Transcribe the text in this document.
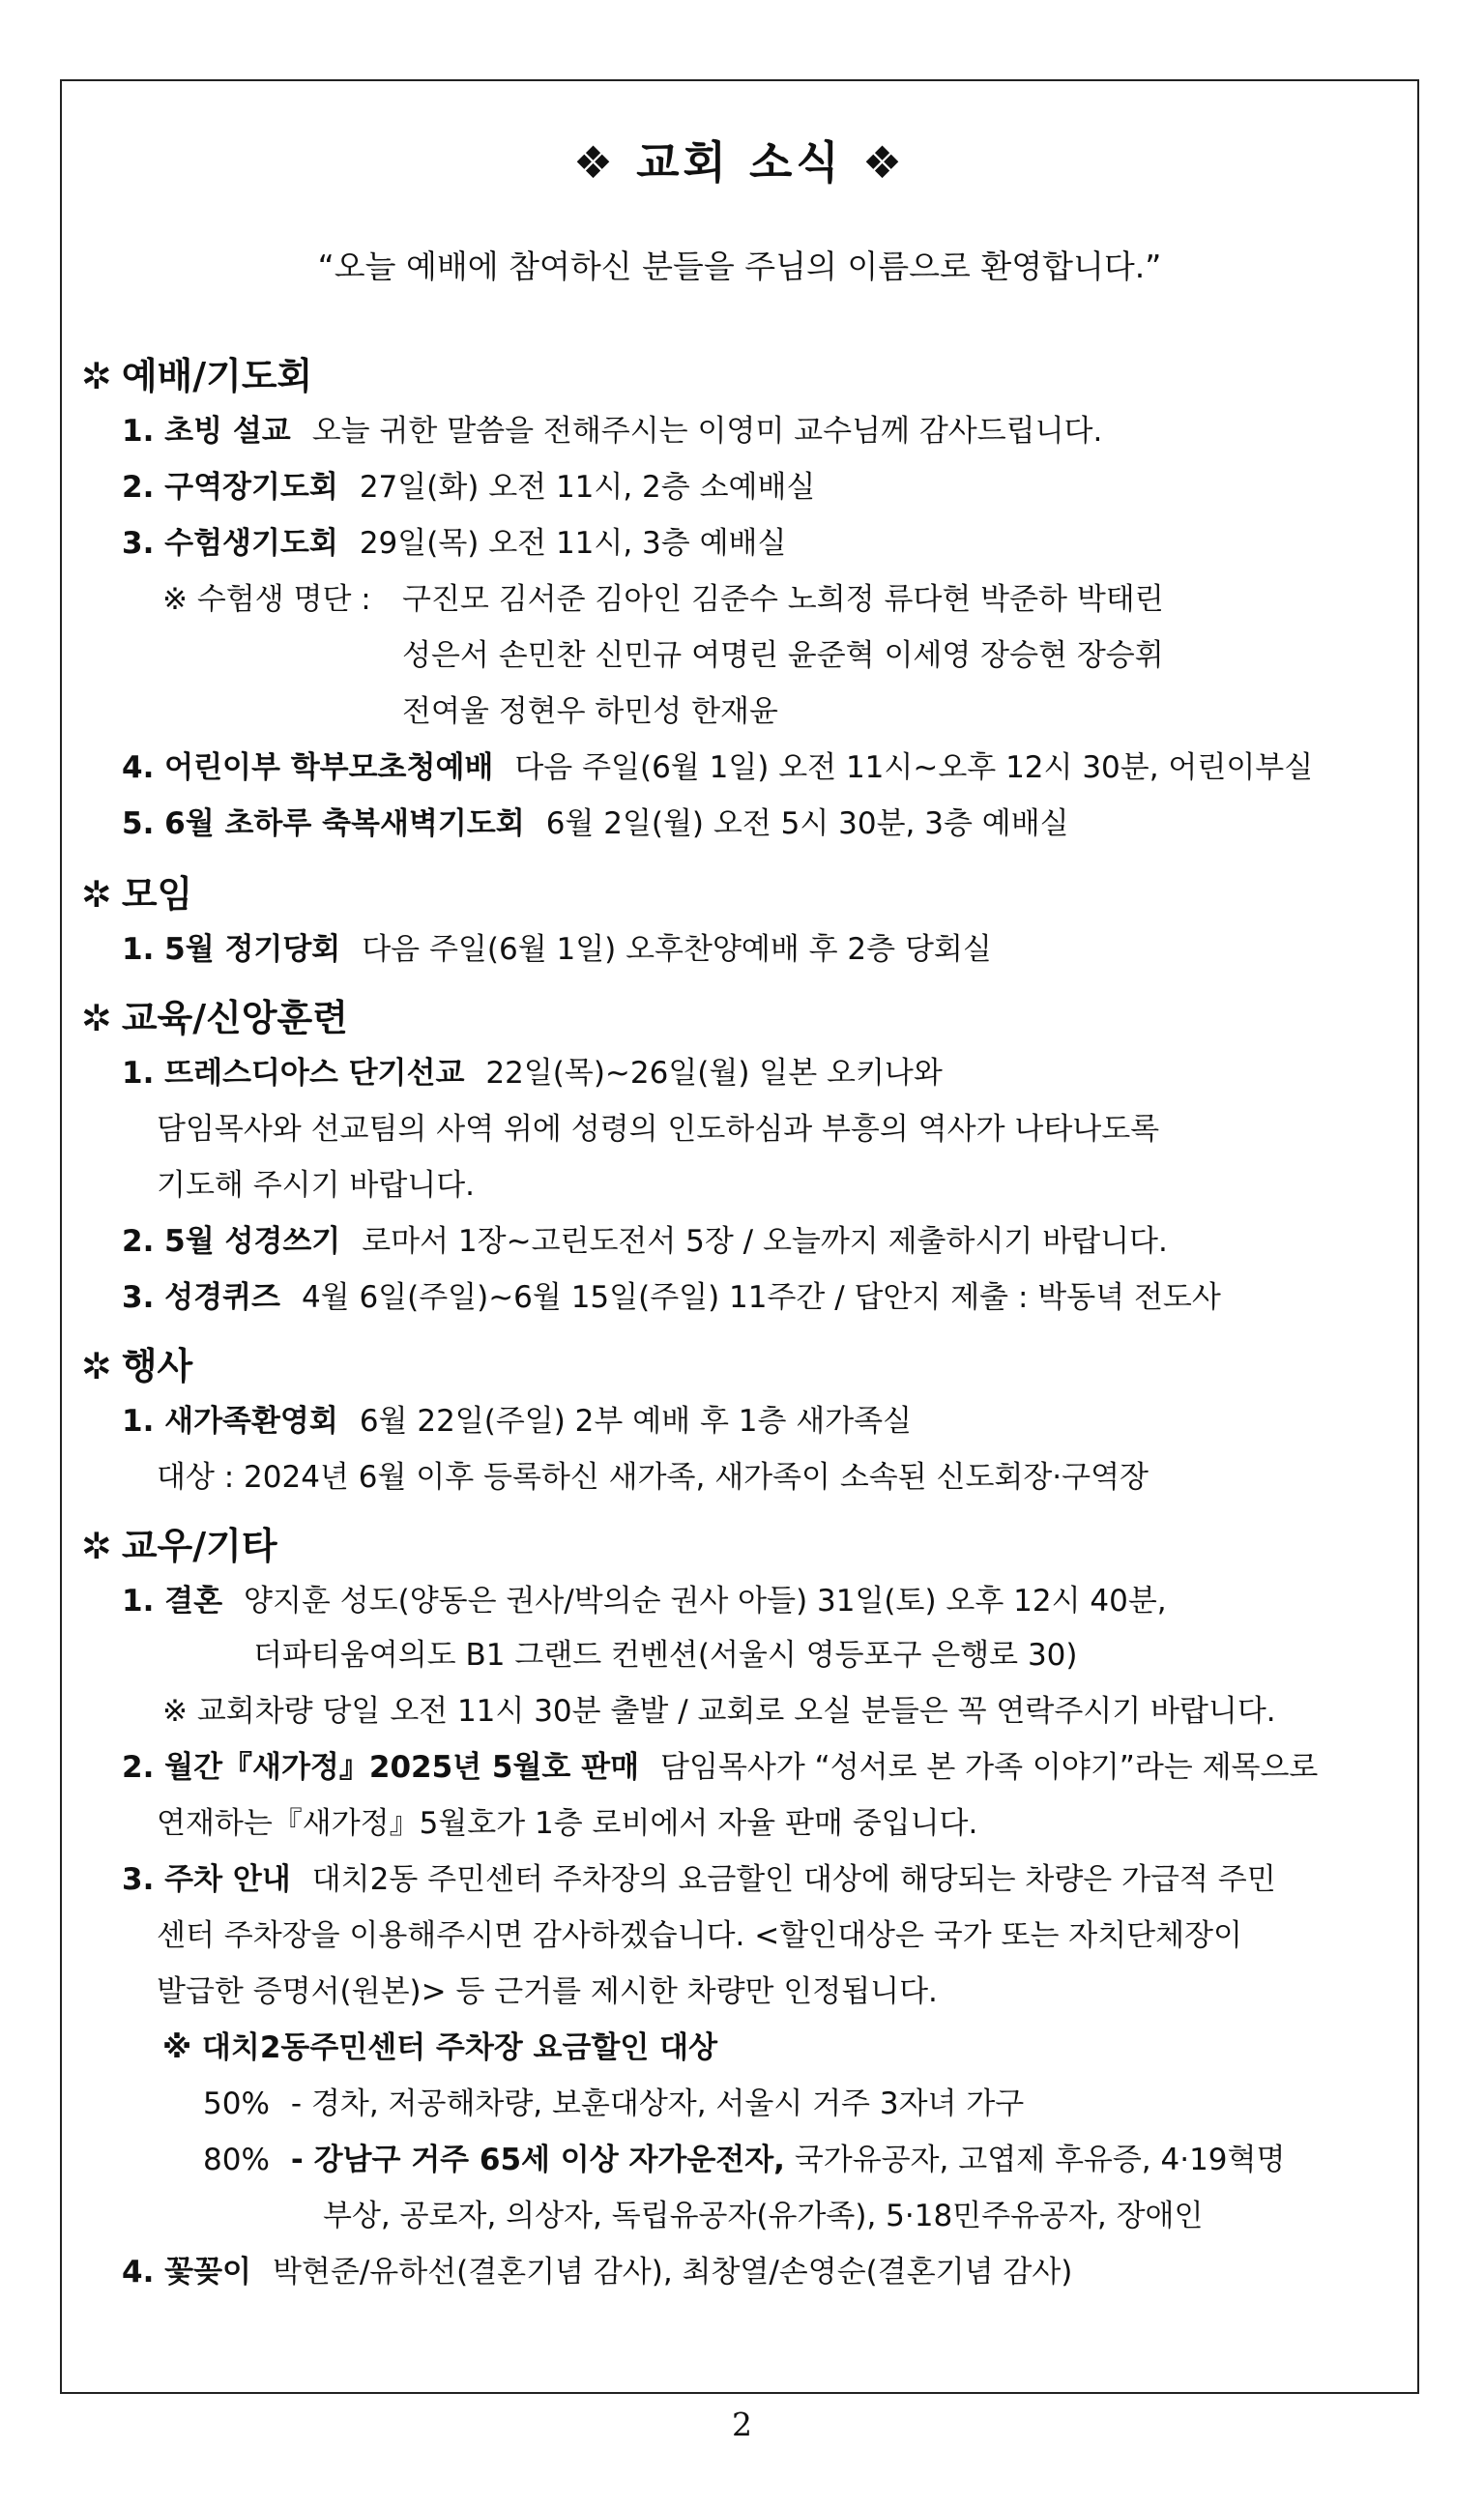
❖ 교회 소식 ❖
“오늘 예배에 참여하신 분들을 주님의 이름으로 환영합니다.”
✲ 예배/기도회
1. 초빙 설교 오늘 귀한 말씀을 전해주시는 이영미 교수님께 감사드립니다.
2. 구역장기도회 27일(화) 오전 11시, 2층 소예배실
3. 수험생기도회 29일(목) 오전 11시, 3층 예배실
※ 수험생 명단 : 구진모 김서준 김아인 김준수 노희정 류다현 박준하 박태린
성은서 손민찬 신민규 여명린 윤준혁 이세영 장승현 장승휘
전여울 정현우 하민성 한재윤
4. 어린이부 학부모초청예배 다음 주일(6월 1일) 오전 11시~오후 12시 30분, 어린이부실
5. 6월 초하루 축복새벽기도회 6월 2일(월) 오전 5시 30분, 3층 예배실
✲ 모임
1. 5월 정기당회 다음 주일(6월 1일) 오후찬양예배 후 2층 당회실
✲ 교육/신앙훈련
1. 뜨레스디아스 단기선교 22일(목)~26일(월) 일본 오키나와
담임목사와 선교팀의 사역 위에 성령의 인도하심과 부흥의 역사가 나타나도록
기도해 주시기 바랍니다.
2. 5월 성경쓰기 로마서 1장~고린도전서 5장 / 오늘까지 제출하시기 바랍니다.
3. 성경퀴즈 4월 6일(주일)~6월 15일(주일) 11주간 / 답안지 제출 : 박동녁 전도사
✲ 행사
1. 새가족환영회 6월 22일(주일) 2부 예배 후 1층 새가족실
대상 : 2024년 6월 이후 등록하신 새가족, 새가족이 소속된 신도회장·구역장
✲ 교우/기타
1. 결혼 양지훈 성도(양동은 권사/박의순 권사 아들) 31일(토) 오후 12시 40분,
더파티움여의도 B1 그랜드 컨벤션(서울시 영등포구 은행로 30)
※ 교회차량 당일 오전 11시 30분 출발 / 교회로 오실 분들은 꼭 연락주시기 바랍니다.
2. 월간『새가정』2025년 5월호 판매 담임목사가 “성서로 본 가족 이야기”라는 제목으로
연재하는『새가정』5월호가 1층 로비에서 자율 판매 중입니다.
3. 주차 안내 대치2동 주민센터 주차장의 요금할인 대상에 해당되는 차량은 가급적 주민
센터 주차장을 이용해주시면 감사하겠습니다. <할인대상은 국가 또는 자치단체장이
발급한 증명서(원본)> 등 근거를 제시한 차량만 인정됩니다.
※ 대치2동주민센터 주차장 요금할인 대상
50% - 경차, 저공해차량, 보훈대상자, 서울시 거주 3자녀 가구
80% - 강남구 거주 65세 이상 자가운전자, 국가유공자, 고엽제 후유증, 4·19혁명
부상, 공로자, 의상자, 독립유공자(유가족), 5·18민주유공자, 장애인
4. 꽃꽂이 박현준/유하선(결혼기념 감사), 최창열/손영순(결혼기념 감사)
2
